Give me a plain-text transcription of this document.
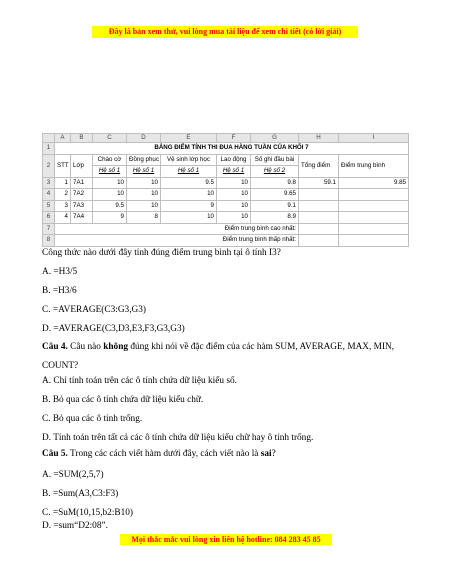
Đây là bản xem thử, vui lòng mua tài liệu để xem chi tiết (có lời giải)
	A	B	C	D	E	F	G	H	I
1	BẢNG ĐIỂM TÍNH THI ĐUA HÀNG TUẦN CỦA KHỐI 7								
2	STT	Lớp	Chào cờ	Đồng phục	Vệ sinh lớp học	Lao động	Số ghi đầu bài	Tổng điểm	Điểm trung bình
			Hệ số 1	Hệ số 1	Hệ số 1	Hệ số 1	Hệ số 2		
3	1	7A1	10	10	9.5	10	9.8	59.1	9.85
4	2	7A2	10	10	10	10	9.65		
5	3	7A3	9.5	10	9	10	9.1		
6	4	7A4	9	8	10	10	8.9		
7	Điểm trung bình cao nhất:								
8	Điểm trung bình thấp nhất:								
Công thức nào dưới đây tính đúng điểm trung bình tại ô tính I3?
A. =H3/5
B. =H3/6
C. =AVERAGE(C3:G3,G3)
D. =AVERAGE(C3,D3,E3,F3,G3,G3)
Câu 4. Câu nào không đúng khi nói về đặc điểm của các hàm SUM, AVERAGE, MAX, MIN, COUNT?
A. Chỉ tính toán trên các ô tính chứa dữ liệu kiểu số.
B. Bỏ qua các ô tính chứa dữ liệu kiểu chữ.
C. Bỏ qua các ô tính trống.
D. Tính toán trên tất cả các ô tính chứa dữ liệu kiểu chữ hay ô tính trống.
Câu 5. Trong các cách viết hàm dưới đây, cách viết nào là sai?
A. =SUM(2,5,7)
B. =Sum(A3,C3:F3)
C. =SuM(10,15,b2:B10)
D. =sum“D2:08”.
Mọi thắc mắc vui lòng xin liên hệ hotline: 084 283 45 85
